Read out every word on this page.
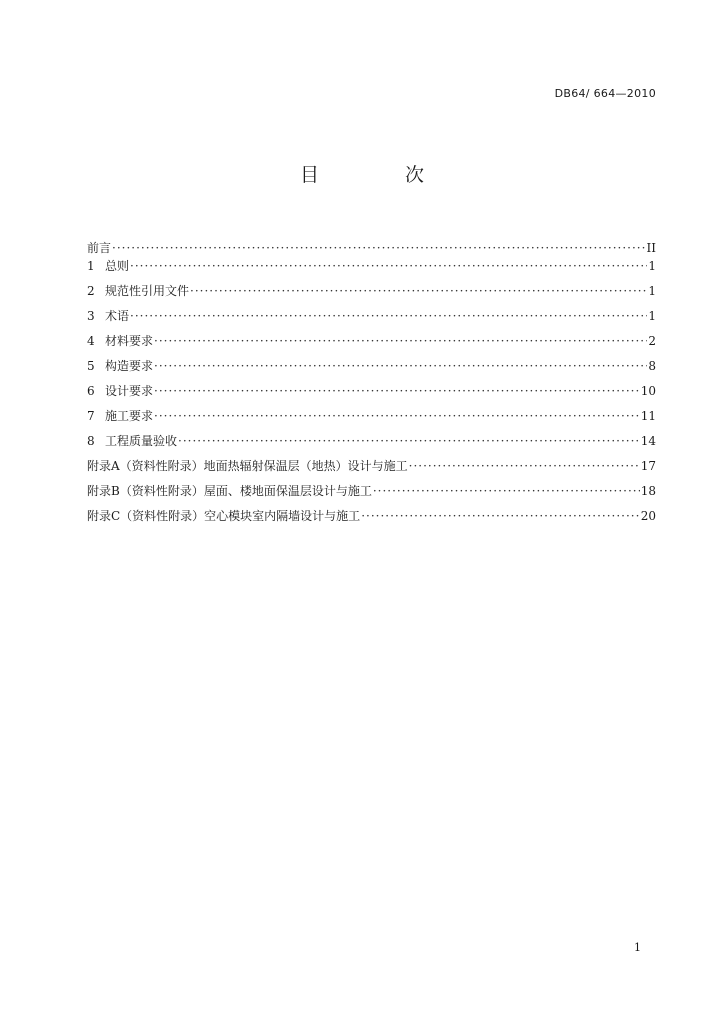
DB64/ 664—2010
目 次
前言 ·····	II
1 总则 ·····	1
2 规范性引用文件 ·····	1
3 术语 ·····	1
4 材料要求 ·····	2
5 构造要求 ·····	8
6 设计要求 ·····	10
7 施工要求 ·····	11
8 工程质量验收 ·····	14
附录A（资料性附录）地面热辐射保温层（地热）设计与施工 ·····	17
附录B（资料性附录）屋面、楼地面保温层设计与施工 ·····	18
附录C（资料性附录）空心模块室内隔墙设计与施工 ·····	20
1
